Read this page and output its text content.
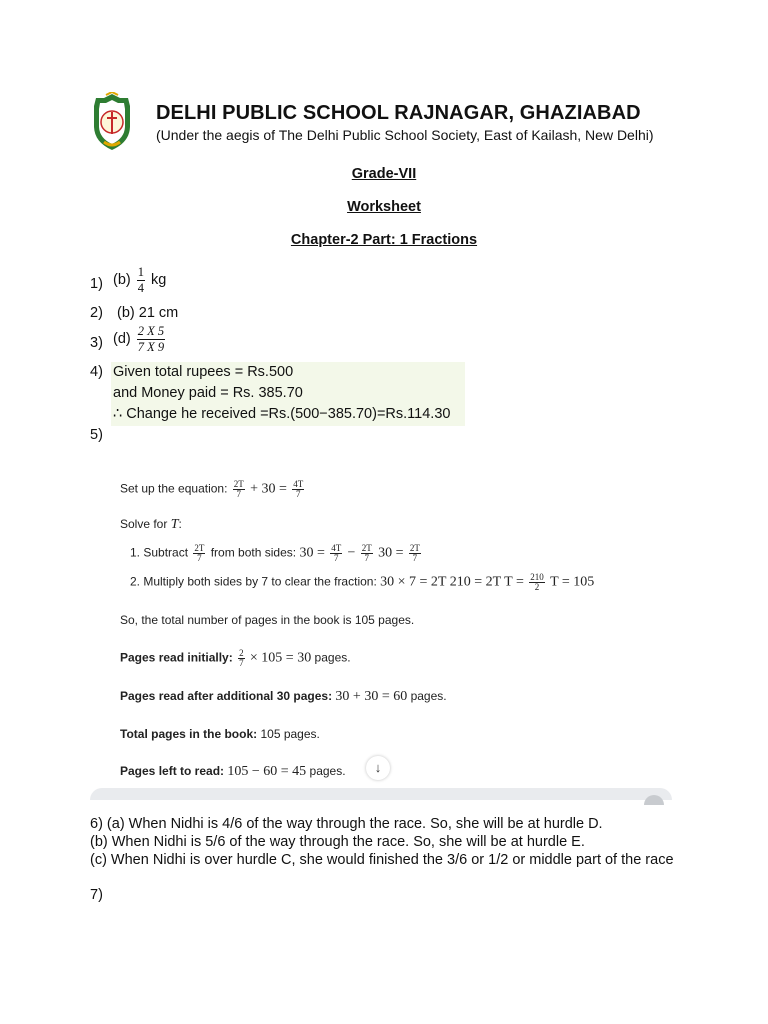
DELHI PUBLIC SCHOOL RAJNAGAR, GHAZIABAD
(Under the aegis of The Delhi Public School Society, East of Kailash, New Delhi)
Grade-VII
Worksheet
Chapter-2 Part: 1 Fractions
1) $(b) \frac{1}{4}$ kg
2) (b) 21 cm
3) $(d) \frac{2 X 5}{7 X 9}$
4) Given total rupees = Rs.500
and Money paid = Rs. 385.70
∴ Change he received =Rs.(500−385.70)=Rs.114.30
5)
Set up the equation: $\frac{2T}{7} + 30 = \frac{4T}{7}$
Solve for T:
1. Subtract $\frac{2T}{7}$ from both sides: $30 = \frac{4T}{7} - \frac{2T}{7} 30 = \frac{2T}{7}$
2. Multiply both sides by 7 to clear the fraction: 30 × 7 = 2T 210 = 2T $T = \frac{210}{2}$ T = 105
So, the total number of pages in the book is 105 pages.
Pages read initially: $\frac{2}{7} \times 105 = 30$ pages.
Pages read after additional 30 pages: 30 + 30 = 60 pages.
Total pages in the book: 105 pages.
Pages left to read: 105 − 60 = 45 pages.	↓
6) (a) When Nidhi is 4/6 of the way through the race. So, she will be at hurdle D.
(b) When Nidhi is 5/6 of the way through the race. So, she will be at hurdle E.
(c) When Nidhi is over hurdle C, she would finished the 3/6 or 1/2 or middle part of the race
7)
